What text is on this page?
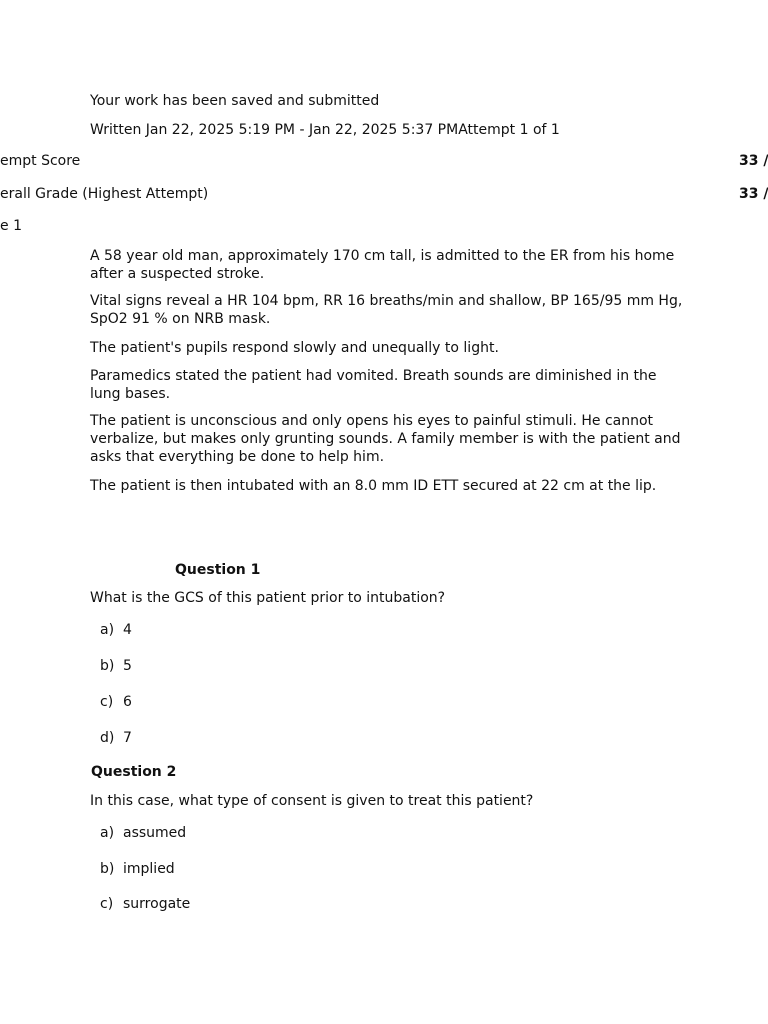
Your work has been saved and submitted
Written Jan 22, 2025 5:19 PM - Jan 22, 2025 5:37 PMAttempt 1 of 1
empt Score	33 /
erall Grade (Highest Attempt)	33 /
e 1
A 58 year old man, approximately 170 cm tall, is admitted to the ER from his home after a suspected stroke.
Vital signs reveal a HR 104 bpm, RR 16 breaths/min and shallow, BP 165/95 mm Hg, SpO2 91 % on NRB mask.
The patient's pupils respond slowly and unequally to light.
Paramedics stated the patient had vomited. Breath sounds are diminished in the lung bases.
The patient is unconscious and only opens his eyes to painful stimuli. He cannot verbalize, but makes only grunting sounds. A family member is with the patient and asks that everything be done to help him.
The patient is then intubated with an 8.0 mm ID ETT secured at 22 cm at the lip.
Question 1
What is the GCS of this patient prior to intubation?
a) 4
b) 5
c) 6
d) 7
Question 2
In this case, what type of consent is given to treat this patient?
a) assumed
b) implied
c) surrogate
